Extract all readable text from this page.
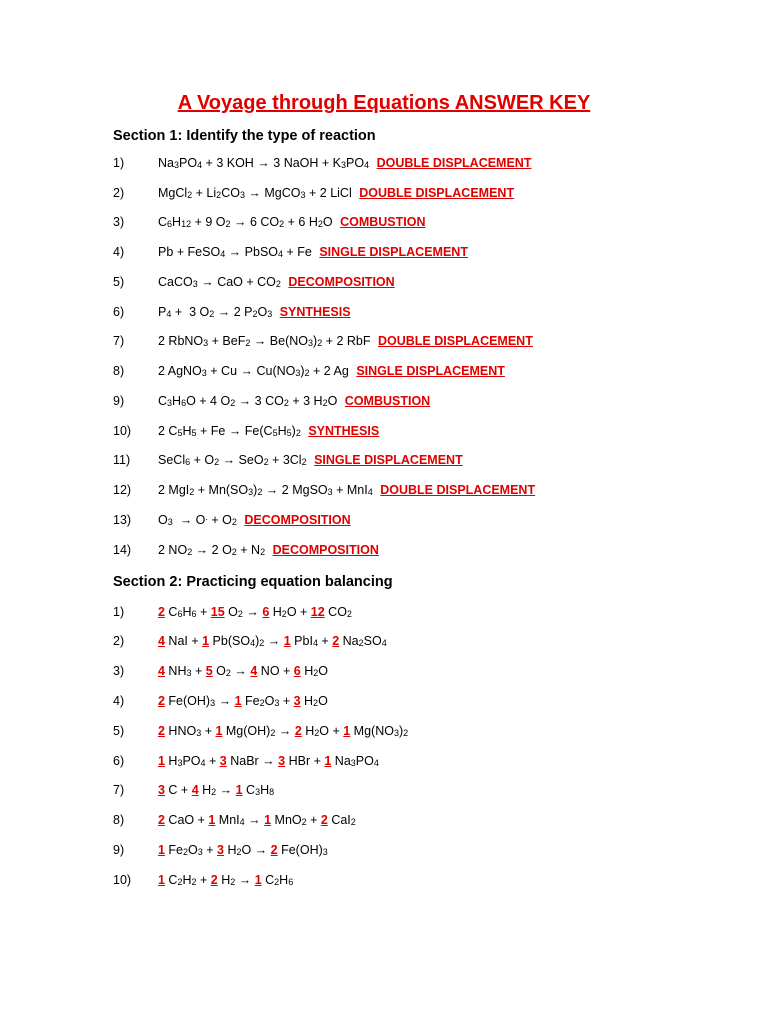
A Voyage through Equations ANSWER KEY
Section 1: Identify the type of reaction
1)	$Na_3PO_4 + 3$ KOH → 3 NaOH + $K_3PO_4$ DOUBLE DISPLACEMENT
2)	MgCl$_2$ + $Li_2CO_3$ → MgCO$_3$ + 2 LiCl DOUBLE DISPLACEMENT
3)	$C_6H_{12} + 9$ $O_2 \to 6$ $CO_2 + 6$ $H_2O$ COMBUSTION
4)	Pb + FeSO$_4$ → PbSO$_4$ + Fe SINGLE DISPLACEMENT
5)	CaCO$_3$ → CaO + $CO_2$ DECOMPOSITION
6)	$P_4 + 3$ $O_2 \to 2$ $P_2O_3$ SYNTHESIS
7)	2 RbNO$_3$ + $BeF_2 \to Be(NO_3)_2 + 2$ RbF DOUBLE DISPLACEMENT
8)	2 AgNO$_3$ + $Cu \to Cu(NO_3)_2 + 2$ Ag SINGLE DISPLACEMENT
9)	$C_3H_6O + 4$ $O_2 \to 3$ $CO_2 + 3$ $H_2O$ COMBUSTION
10) 2 $C_5H_5 + Fe \to Fe(C_5H_5)_2$ SYNTHESIS
11) SeCl$_6$ + $O_2 \to SeO_2 + 3Cl_2$ SINGLE DISPLACEMENT
12) 2 $MgI_2 + Mn(SO_3)_2 \to 2$ MgSO$_3$ + MnI$_4$ DOUBLE DISPLACEMENT
13) $O_3 \to O^. + O_2$ DECOMPOSITION
14) 2 $NO_2 \to 2$ $O_2 + N_2$ DECOMPOSITION
Section 2: Practicing equation balancing
1)	2 $C_6H_6 + 15$ $O_2 \to 6$ $H_2O + 12$ $CO_2$
2)	4 NaI + 1 $Pb(SO_4)_2 \to 1$ PbI$_4$ + 2 $Na_2SO_4$
3)	4 $NH_3 + 5$ $O_2 \to 4$ NO + 6 $H_2O$
4)	2 $Fe(OH)_3 \to 1$ $Fe_2O_3 + 3$ $H_2O$
5)	2 $HNO_3 + 1$ $Mg(OH)_2 \to 2$ $H_2O + 1$ $Mg(NO_3)_2$
6)	1 $H_3PO_4 + 3$ NaBr → 3 HBr + 1 $Na_3PO_4$
7)	3 C + 4 $H_2 \to 1$ $C_3H_8$
8)	2 CaO + 1 MnI$_4$ → 1 MnO$_2$ + 2 CaI$_2$
9)	1 $Fe_2O_3 + 3$ $H_2O \to 2$ $Fe(OH)_3$
10) 1 $C_2H_2 + 2$ $H_2 \to 1$ $C_2H_6$
